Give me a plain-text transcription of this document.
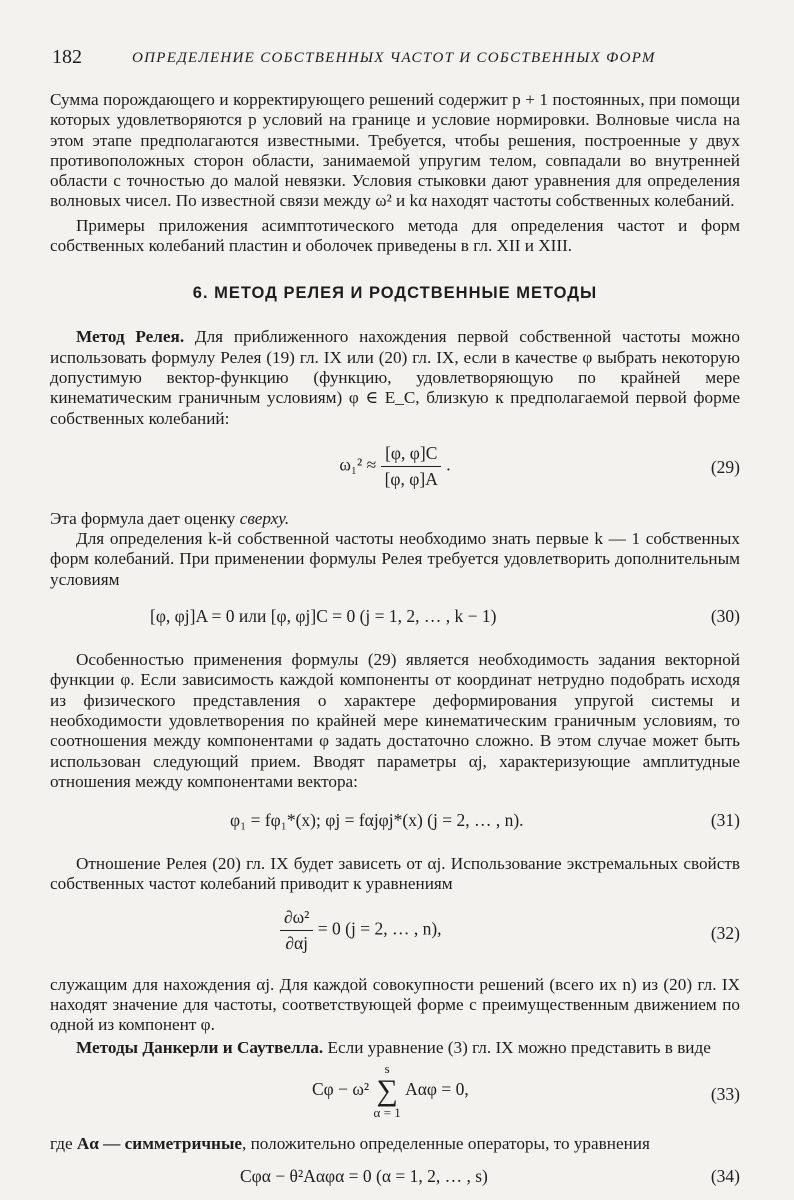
182	ОПРЕДЕЛЕНИЕ СОБСТВЕННЫХ ЧАСТОТ И СОБСТВЕННЫХ ФОРМ

Сумма порождающего и корректирующего решений содержит p + 1 постоянных, при помощи которых удовлетворяются p условий на границе и условие нормировки. Волновые числа на этом этапе предполагаются известными. Требуется, чтобы решения, построенные у двух противоположных сторон области, занимаемой упругим телом, совпадали во внутренней области с точностью до малой невязки. Условия стыковки дают уравнения для определения волновых чисел. По известной связи между ω² и kα находят частоты собственных колебаний.

Примеры приложения асимптотического метода для определения частот и форм собственных колебаний пластин и оболочек приведены в гл. XII и XIII.

6. МЕТОД РЕЛЕЯ И РОДСТВЕННЫЕ МЕТОДЫ

Метод Релея. Для приближенного нахождения первой собственной частоты можно использовать формулу Релея (19) гл. IX или (20) гл. IX, если в качестве φ выбрать некоторую допустимую вектор-функцию (функцию, удовлетворяющую по крайней мере кинематическим граничным условиям) φ ∈ E_C, близкую к предполагаемой первой форме собственных колебаний:

$\omega_1^2 \approx \frac{[\varphi, \varphi]C}{[\varphi, \varphi]A}$ .	(29)

Эта формула дает оценку сверху.

Для определения k-й собственной частоты необходимо знать первые k — 1 собственных форм колебаний. При применении формулы Релея требуется удовлетворить дополнительным условиям

[φ, φj]A = 0 или [φ, φj]C = 0 (j = 1, 2, … , k − 1)	(30)

Особенностью применения формулы (29) является необходимость задания векторной функции φ. Если зависимость каждой компоненты от координат нетрудно подобрать исходя из физического представления о характере деформирования упругой системы и необходимости удовлетворения по крайней мере кинематическим граничным условиям, то соотношения между компонентами φ задать достаточно сложно. В этом случае может быть использован следующий прием. Вводят параметры αj, характеризующие амплитудные отношения между компонентами вектора:

φ₁ = fφ₁*(x); φj = fαjφj*(x) (j = 2, … , n).	(31)

Отношение Релея (20) гл. IX будет зависеть от αj. Использование экстремальных свойств собственных частот колебаний приводит к уравнениям

$\frac{\text{∂ω²}}{\partial\alpha j} = 0$ (j = 2, … , n),	(32)

служащим для нахождения αj. Для каждой совокупности решений (всего их n) из (20) гл. IX находят значение для частоты, соответствующей форме с преимущественным движением по одной из компонент φ.

Методы Данкерли и Саутвелла. Если уравнение (3) гл. IX можно представить в виде

Cφ − ω²
s
∑
α = 1
Aαφ = 0,	(33)

где Aα — симметричные, положительно определенные операторы, то уравнения

Cφα − θ²Aαφα = 0 (α = 1, 2, … , s)	(34)
